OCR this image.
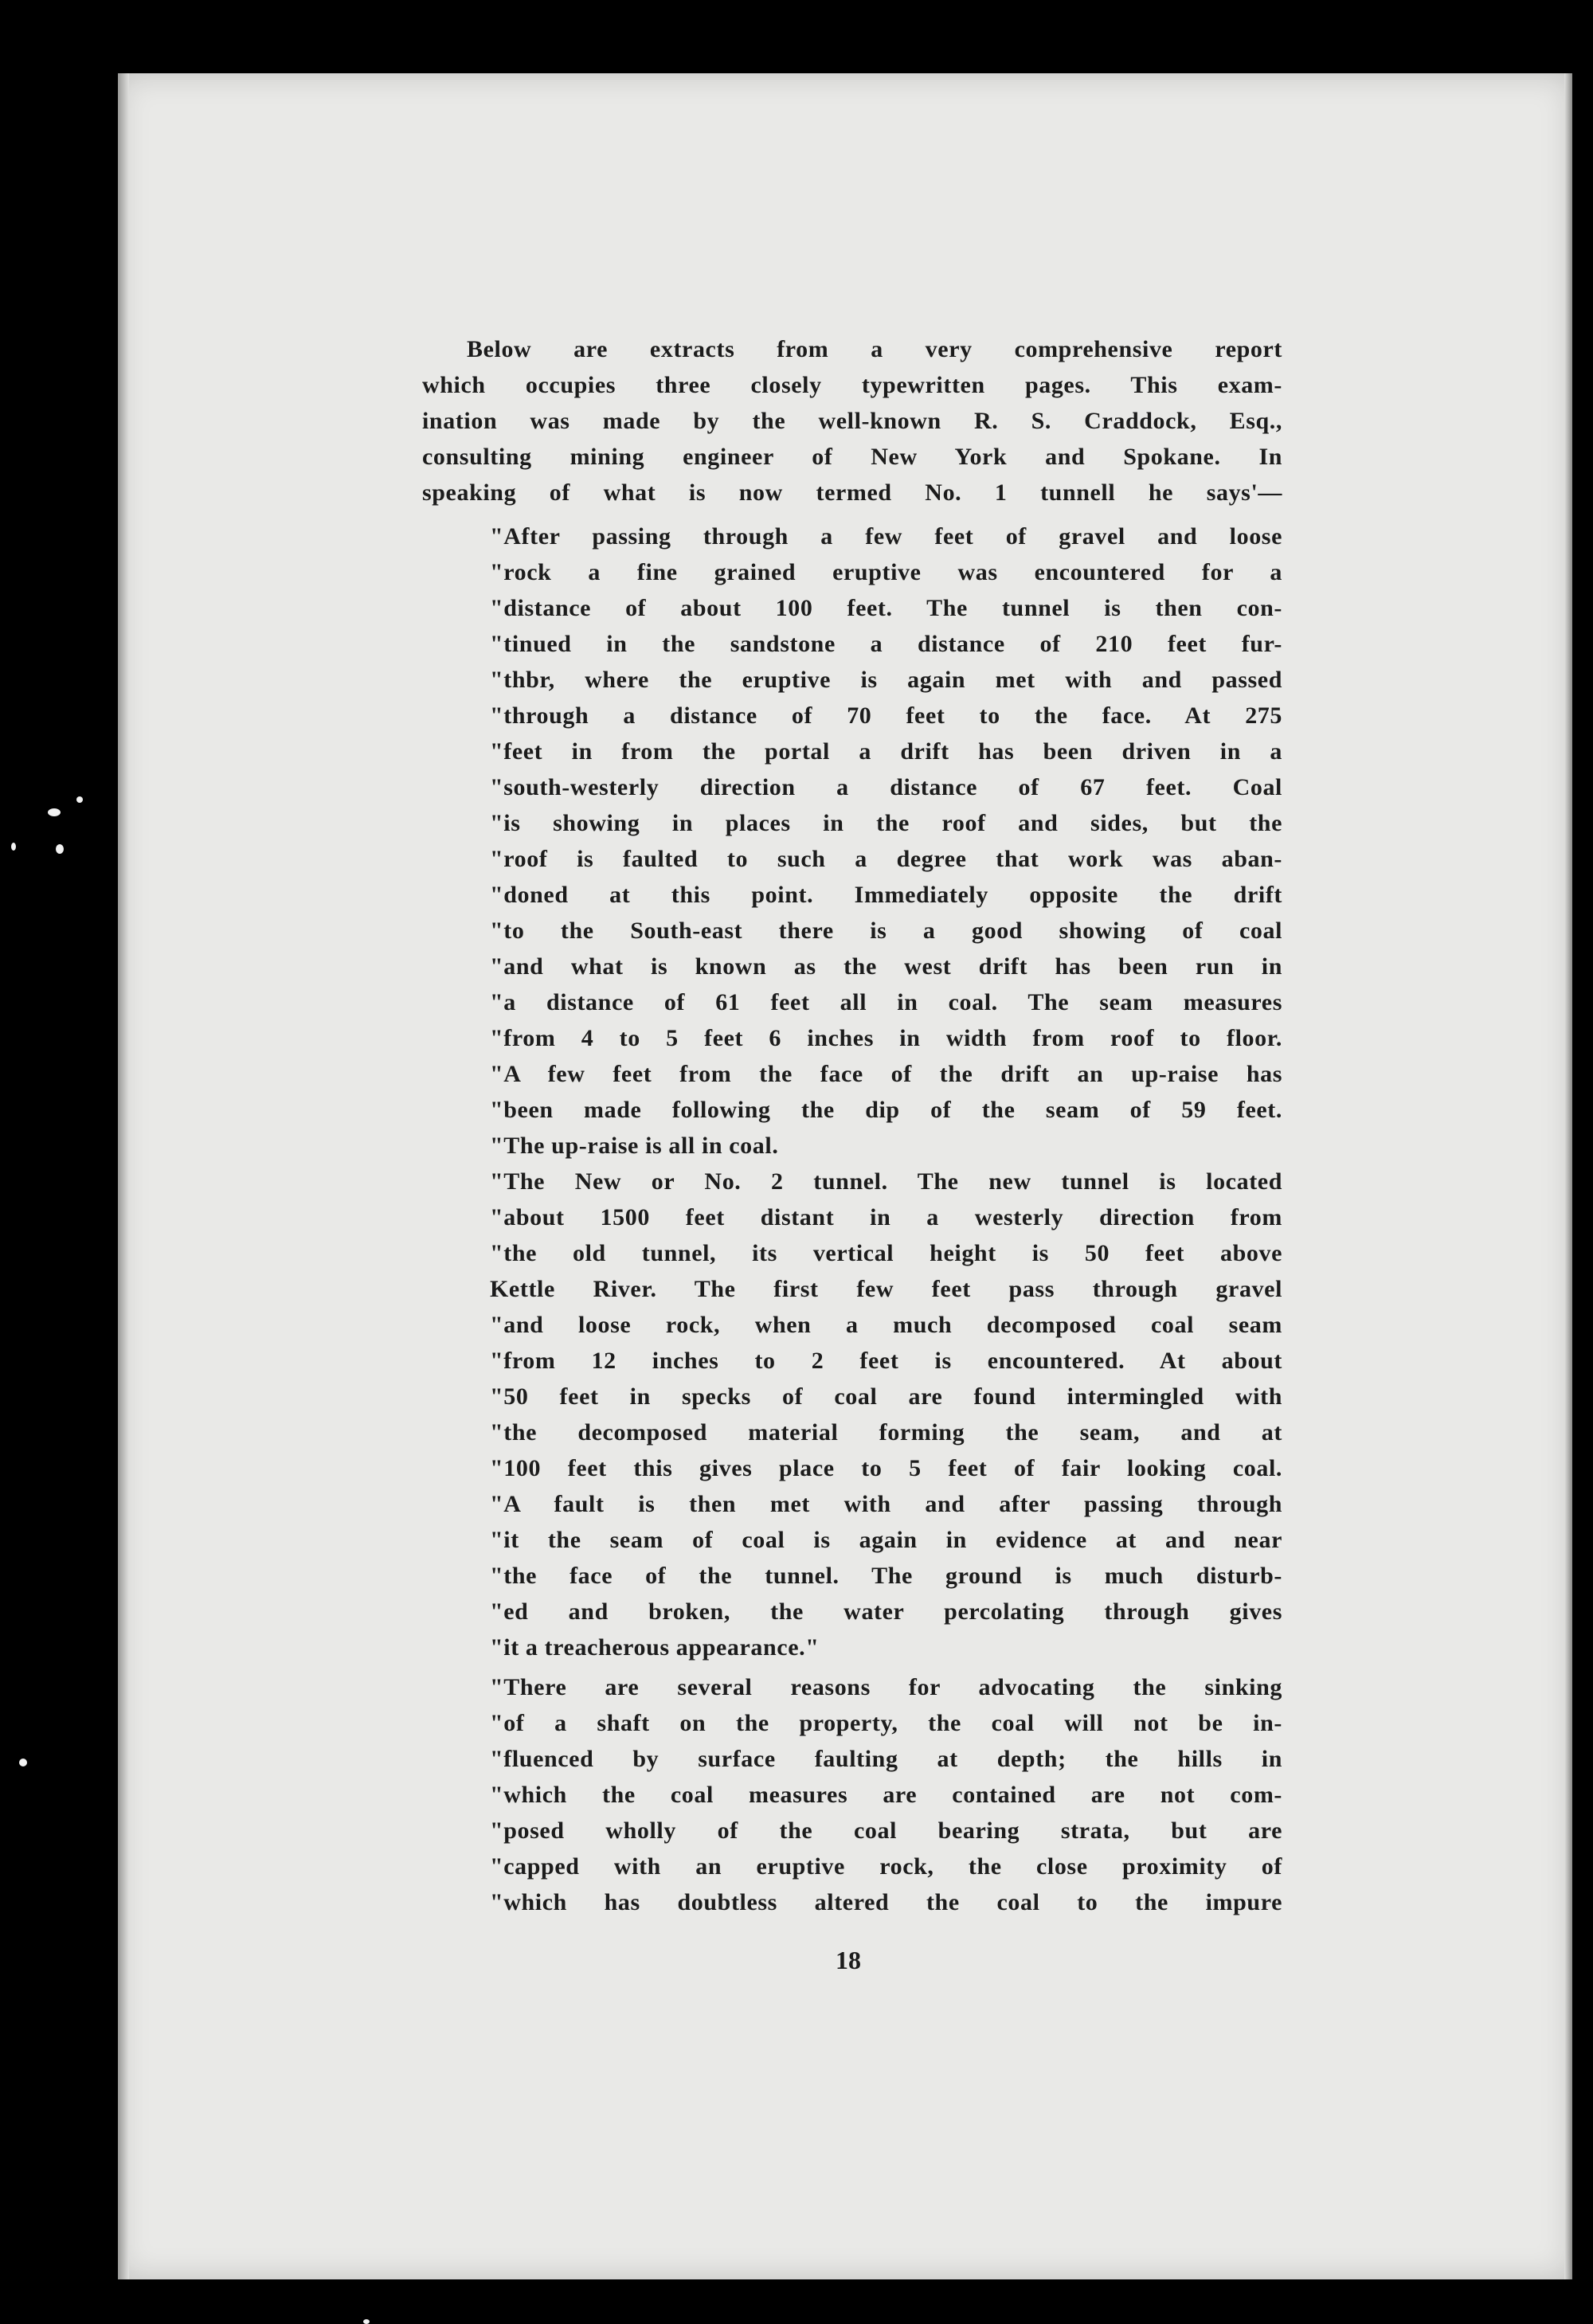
Below are extracts from a very comprehensive report
which occupies three closely typewritten pages. This exam-
ination was made by the well-known R. S. Craddock, Esq.,
consulting mining engineer of New York and Spokane. In
speaking of what is now termed No. 1 tunnell he says'—
"After passing through a few feet of gravel and loose
"rock a fine grained eruptive was encountered for a
"distance of about 100 feet. The tunnel is then con-
"tinued in the sandstone a distance of 210 feet fur-
"thbr, where the eruptive is again met with and passed
"through a distance of 70 feet to the face. At 275
"feet in from the portal a drift has been driven in a
"south-westerly direction a distance of 67 feet. Coal
"is showing in places in the roof and sides, but the
"roof is faulted to such a degree that work was aban-
"doned at this point. Immediately opposite the drift
"to the South-east there is a good showing of coal
"and what is known as the west drift has been run in
"a distance of 61 feet all in coal. The seam measures
"from 4 to 5 feet 6 inches in width from roof to floor.
"A few feet from the face of the drift an up-raise has
"been made following the dip of the seam of 59 feet.
"The up-raise is all in coal.
"The New or No. 2 tunnel. The new tunnel is located
"about 1500 feet distant in a westerly direction from
"the old tunnel, its vertical height is 50 feet above
Kettle River. The first few feet pass through gravel
"and loose rock, when a much decomposed coal seam
"from 12 inches to 2 feet is encountered. At about
"50 feet in specks of coal are found intermingled with
"the decomposed material forming the seam, and at
"100 feet this gives place to 5 feet of fair looking coal.
"A fault is then met with and after passing through
"it the seam of coal is again in evidence at and near
"the face of the tunnel. The ground is much disturb-
"ed and broken, the water percolating through gives
"it a treacherous appearance."
"There are several reasons for advocating the sinking
"of a shaft on the property, the coal will not be in-
"fluenced by surface faulting at depth; the hills in
"which the coal measures are contained are not com-
"posed wholly of the coal bearing strata, but are
"capped with an eruptive rock, the close proximity of
"which has doubtless altered the coal to the impure
18
